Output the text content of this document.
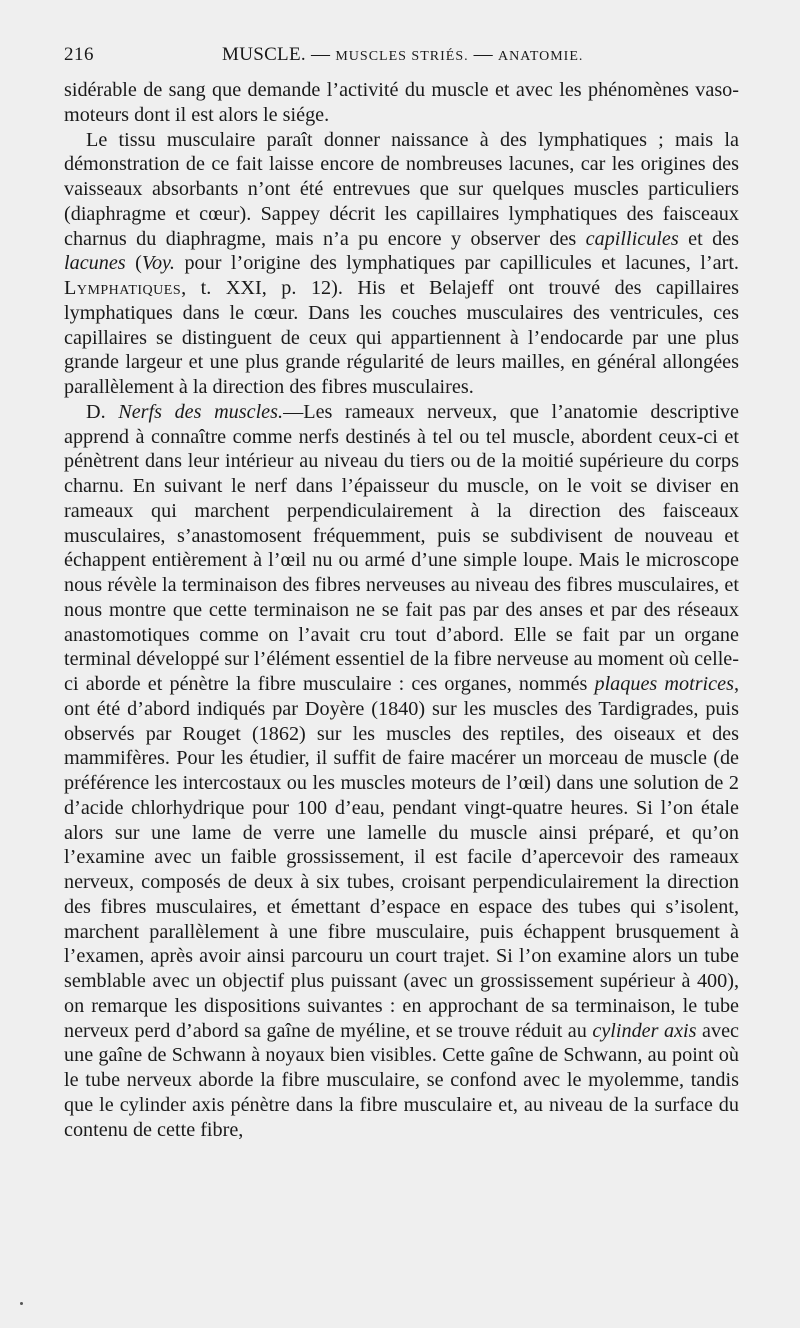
216	MUSCLE. — MUSCLES STRIÉS. — ANATOMIE.

sidérable de sang que demande l’activité du muscle et avec les phénomènes vaso-moteurs dont il est alors le siége.

Le tissu musculaire paraît donner naissance à des lymphatiques ; mais la démonstration de ce fait laisse encore de nombreuses lacunes, car les origines des vaisseaux absorbants n’ont été entrevues que sur quelques muscles particuliers (diaphragme et cœur). Sappey décrit les capillaires lymphatiques des faisceaux charnus du diaphragme, mais n’a pu encore y observer des capillicules et des lacunes (Voy. pour l’origine des lymphatiques par capillicules et lacunes, l’art. Lymphatiques, t. XXI, p. 12). His et Belajeff ont trouvé des capillaires lymphatiques dans le cœur. Dans les couches musculaires des ventricules, ces capillaires se distinguent de ceux qui appartiennent à l’endocarde par une plus grande largeur et une plus grande régularité de leurs mailles, en général allongées parallèlement à la direction des fibres musculaires.

D. Nerfs des muscles.—Les rameaux nerveux, que l’anatomie descriptive apprend à connaître comme nerfs destinés à tel ou tel muscle, abordent ceux-ci et pénètrent dans leur intérieur au niveau du tiers ou de la moitié supérieure du corps charnu. En suivant le nerf dans l’épaisseur du muscle, on le voit se diviser en rameaux qui marchent perpendiculairement à la direction des faisceaux musculaires, s’anastomosent fréquemment, puis se subdivisent de nouveau et échappent entièrement à l’œil nu ou armé d’une simple loupe. Mais le microscope nous révèle la terminaison des fibres nerveuses au niveau des fibres musculaires, et nous montre que cette terminaison ne se fait pas par des anses et par des réseaux anastomotiques comme on l’avait cru tout d’abord. Elle se fait par un organe terminal développé sur l’élément essentiel de la fibre nerveuse au moment où celle-ci aborde et pénètre la fibre musculaire : ces organes, nommés plaques motrices, ont été d’abord indiqués par Doyère (1840) sur les muscles des Tardigrades, puis observés par Rouget (1862) sur les muscles des reptiles, des oiseaux et des mammifères. Pour les étudier, il suffit de faire macérer un morceau de muscle (de préférence les intercostaux ou les muscles moteurs de l’œil) dans une solution de 2 d’acide chlorhydrique pour 100 d’eau, pendant vingt-quatre heures. Si l’on étale alors sur une lame de verre une lamelle du muscle ainsi préparé, et qu’on l’examine avec un faible grossissement, il est facile d’apercevoir des rameaux nerveux, composés de deux à six tubes, croisant perpendiculairement la direction des fibres musculaires, et émettant d’espace en espace des tubes qui s’isolent, marchent parallèlement à une fibre musculaire, puis échappent brusquement à l’examen, après avoir ainsi parcouru un court trajet. Si l’on examine alors un tube semblable avec un objectif plus puissant (avec un grossissement supérieur à 400), on remarque les dispositions suivantes : en approchant de sa terminaison, le tube nerveux perd d’abord sa gaîne de myéline, et se trouve réduit au cylinder axis avec une gaîne de Schwann à noyaux bien visibles. Cette gaîne de Schwann, au point où le tube nerveux aborde la fibre musculaire, se confond avec le myolemme, tandis que le cylinder axis pénètre dans la fibre musculaire et, au niveau de la surface du contenu de cette fibre,
